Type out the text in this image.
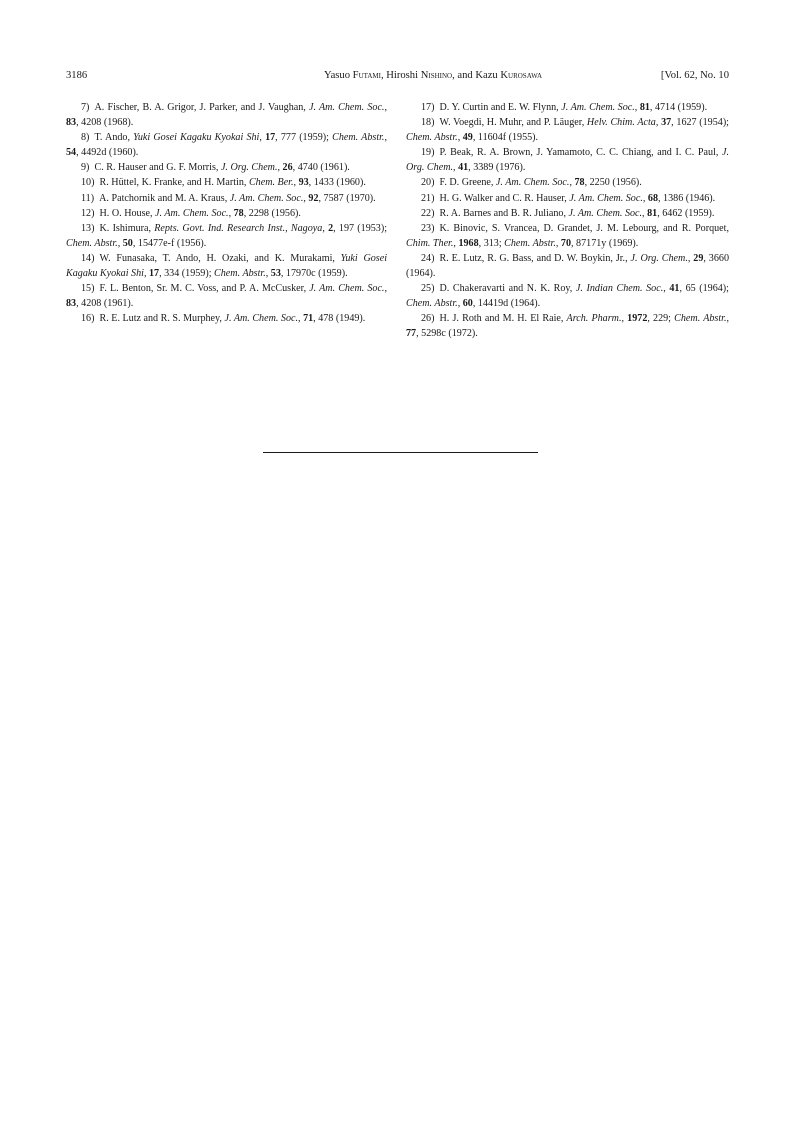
3186	Yasuo Futami, Hiroshi Nishino, and Kazu Kurosawa	[Vol. 62, No. 10

7)  A. Fischer, B. A. Grigor, J. Parker, and J. Vaughan, J. Am. Chem. Soc., 83, 4208 (1968).

8)  T. Ando, Yuki Gosei Kagaku Kyokai Shi, 17, 777 (1959); Chem. Abstr., 54, 4492d (1960).

9)  C. R. Hauser and G. F. Morris, J. Org. Chem., 26, 4740 (1961).

10)  R. Hüttel, K. Franke, and H. Martin, Chem. Ber., 93, 1433 (1960).

11)  A. Patchornik and M. A. Kraus, J. Am. Chem. Soc., 92, 7587 (1970).

12)  H. O. House, J. Am. Chem. Soc., 78, 2298 (1956).

13)  K. Ishimura, Repts. Govt. Ind. Research Inst., Nagoya, 2, 197 (1953); Chem. Abstr., 50, 15477e-f (1956).

14)  W. Funasaka, T. Ando, H. Ozaki, and K. Murakami, Yuki Gosei Kagaku Kyokai Shi, 17, 334 (1959); Chem. Abstr., 53, 17970c (1959).

15)  F. L. Benton, Sr. M. C. Voss, and P. A. McCusker, J. Am. Chem. Soc., 83, 4208 (1961).

16)  R. E. Lutz and R. S. Murphey, J. Am. Chem. Soc., 71, 478 (1949).

17)  D. Y. Curtin and E. W. Flynn, J. Am. Chem. Soc., 81, 4714 (1959).

18)  W. Voegdi, H. Muhr, and P. Läuger, Helv. Chim. Acta, 37, 1627 (1954); Chem. Abstr., 49, 11604f (1955).

19)  P. Beak, R. A. Brown, J. Yamamoto, C. C. Chiang, and I. C. Paul, J. Org. Chem., 41, 3389 (1976).

20)  F. D. Greene, J. Am. Chem. Soc., 78, 2250 (1956).

21)  H. G. Walker and C. R. Hauser, J. Am. Chem. Soc., 68, 1386 (1946).

22)  R. A. Barnes and B. R. Juliano, J. Am. Chem. Soc., 81, 6462 (1959).

23)  K. Binovic, S. Vrancea, D. Grandet, J. M. Lebourg, and R. Porquet, Chim. Ther., 1968, 313; Chem. Abstr., 70, 87171y (1969).

24)  R. E. Lutz, R. G. Bass, and D. W. Boykin, Jr., J. Org. Chem., 29, 3660 (1964).

25)  D. Chakeravarti and N. K. Roy, J. Indian Chem. Soc., 41, 65 (1964); Chem. Abstr., 60, 14419d (1964).

26)  H. J. Roth and M. H. El Raie, Arch. Pharm., 1972, 229; Chem. Abstr., 77, 5298c (1972).
